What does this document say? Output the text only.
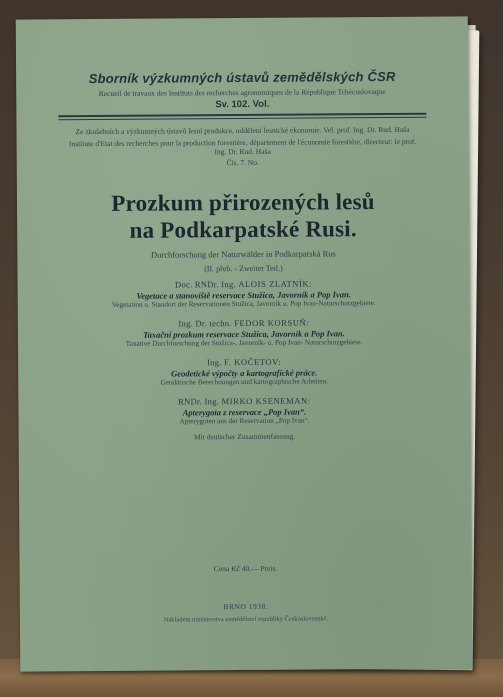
Sborník výzkumných ústavů zemědělských ČSR
Recueil de travaux des Instituts des recherches agronomiques de la République Tchécoslovaque
Sv. 102. Vol.
Ze zkušebních a výzkumných ústavů lesní produkce, oddělení lesnické ekonomie. Vel. prof. Ing. Dr. Rud. Haša
Institute d'Etat des recherches pour la production forestière, département de l'économie forestière, directeur: le prof. Ing. Dr. Rud. Haša
Čís. 7. No.
Prozkum přirozených lesů
na Podkarpatské Rusi.
Durchforschung der Naturwälder in Podkarpatská Rus
(II. přeb. - Zweiter Teil.)
Doc. RNDr. Ing. ALOIS ZLATNÍK:
Vegetace a stanoviště reservace Stužica, Javorník a Pop Ivan.
Vegetation u. Standort der Reservationen Stužica, Javorník u. Pop Ivan-Naturschutzgebiete.
Ing. Dr. techn. FEDOR KORSUŇ:
Taxační prozkum reservace Stužica, Javorník a Pop Ivan.
Taxative Durchforschung der Stužica-, Javorník- u. Pop Ivan- Naturschutzgebiete.
Ing. F. KOČETOV:
Geodetické výpočty a kartografické práce.
Geodätische Berechnungen und kartographische Arbeiten.
RNDr. Ing. MIRKO KSENEMAN:
Apterygota z reservace „Pop Ivan“.
Apterygoten aus der Reservation „Pop Ivan“.
Mit deutscher Zusammenfassung.
Cena Kč 40.— Preis.
BRNO 1938.
Nákladem ministerstva zemědělství republiky Československé.
